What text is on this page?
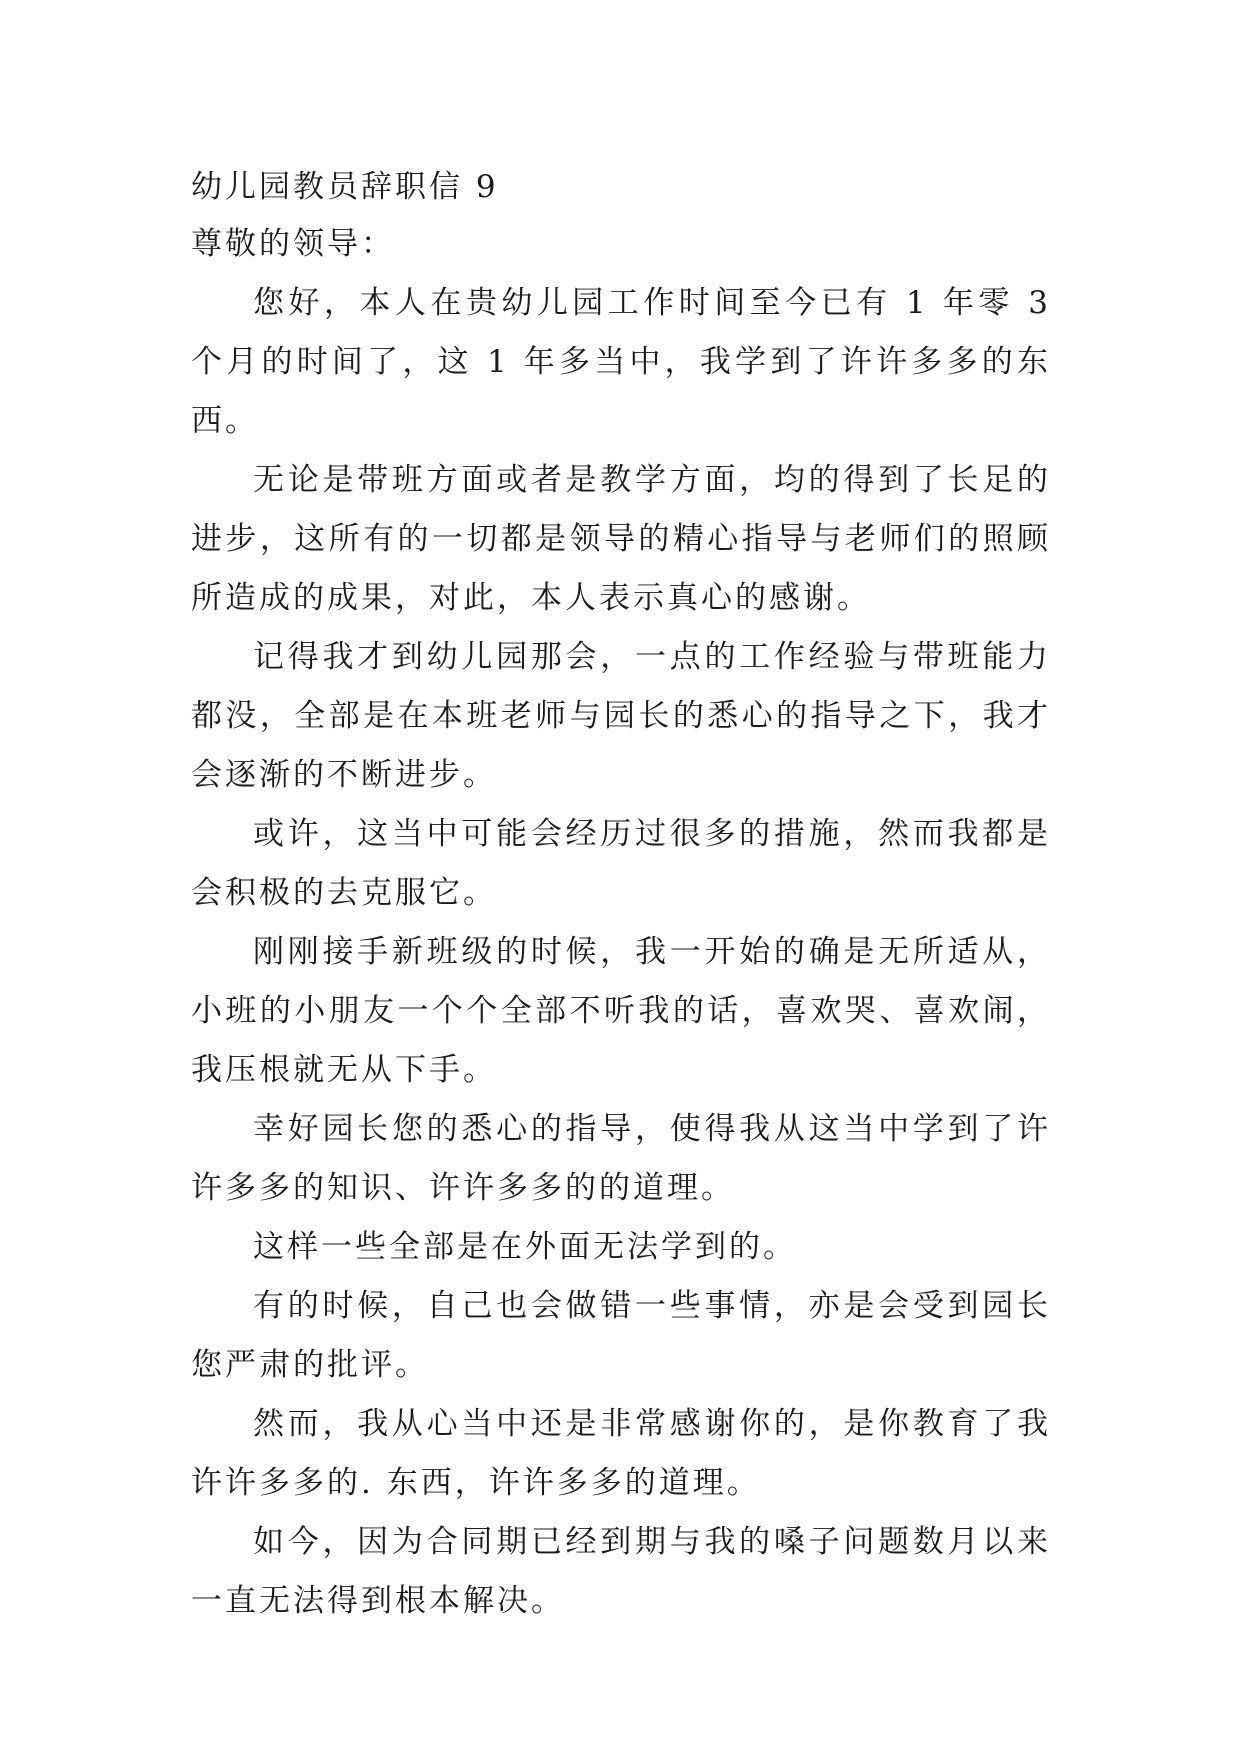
幼儿园教员辞职信 9

尊敬的领导：

您好，本人在贵幼儿园工作时间至今已有 1 年零 3 个月的时间了，这 1 年多当中，我学到了许许多多的东西。

无论是带班方面或者是教学方面，均的得到了长足的进步，这所有的一切都是领导的精心指导与老师们的照顾所造成的成果，对此，本人表示真心的感谢。

记得我才到幼儿园那会，一点的工作经验与带班能力都没，全部是在本班老师与园长的悉心的指导之下，我才会逐渐的不断进步。

或许，这当中可能会经历过很多的措施，然而我都是会积极的去克服它。

刚刚接手新班级的时候，我一开始的确是无所适从，小班的小朋友一个个全部不听我的话，喜欢哭、喜欢闹，我压根就无从下手。

幸好园长您的悉心的指导，使得我从这当中学到了许许多多的知识、许许多多的的道理。

这样一些全部是在外面无法学到的。

有的时候，自己也会做错一些事情，亦是会受到园长您严肃的批评。

然而，我从心当中还是非常感谢你的，是你教育了我许许多多的. 东西，许许多多的道理。

如今，因为合同期已经到期与我的嗓子问题数月以来一直无法得到根本解决。
